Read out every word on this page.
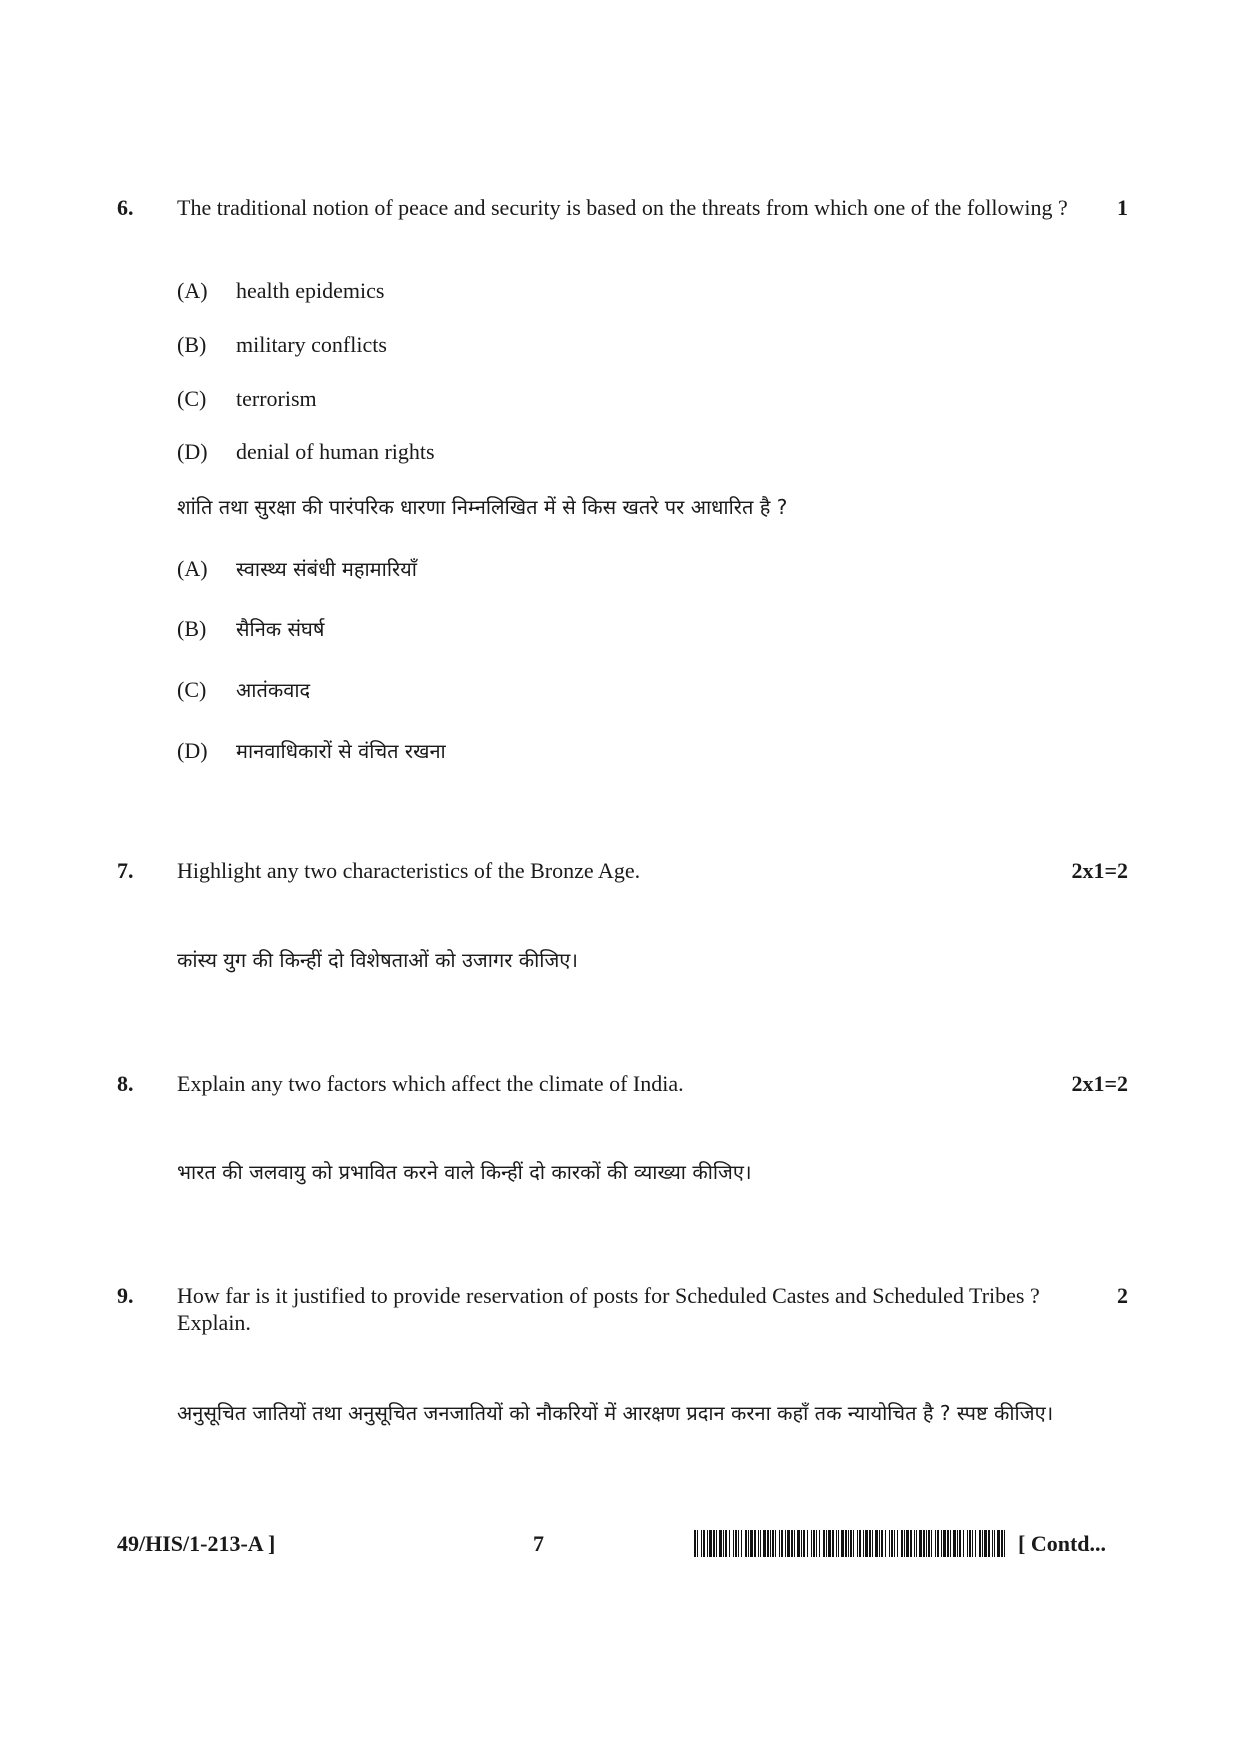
6. The traditional notion of peace and security is based on the threats from which one of the following ?	1
(A) health epidemics
(B) military conflicts
(C) terrorism
(D) denial of human rights
शांति तथा सुरक्षा की पारंपरिक धारणा निम्नलिखित में से किस खतरे पर आधारित है ?
(A) स्वास्थ्य संबंधी महामारियाँ
(B) सैनिक संघर्ष
(C) आतंकवाद
(D) मानवाधिकारों से वंचित रखना
7. Highlight any two characteristics of the Bronze Age.	2x1=2
कांस्य युग की किन्हीं दो विशेषताओं को उजागर कीजिए।
8. Explain any two factors which affect the climate of India.	2x1=2
भारत की जलवायु को प्रभावित करने वाले किन्हीं दो कारकों की व्याख्या कीजिए।
9. How far is it justified to provide reservation of posts for Scheduled Castes and Scheduled Tribes ? Explain.
2
अनुसूचित जातियों तथा अनुसूचित जनजातियों को नौकरियों में आरक्षण प्रदान करना कहाँ तक न्यायोचित है ? स्पष्ट कीजिए।
49/HIS/1-213-A ]	7	[ Contd...
